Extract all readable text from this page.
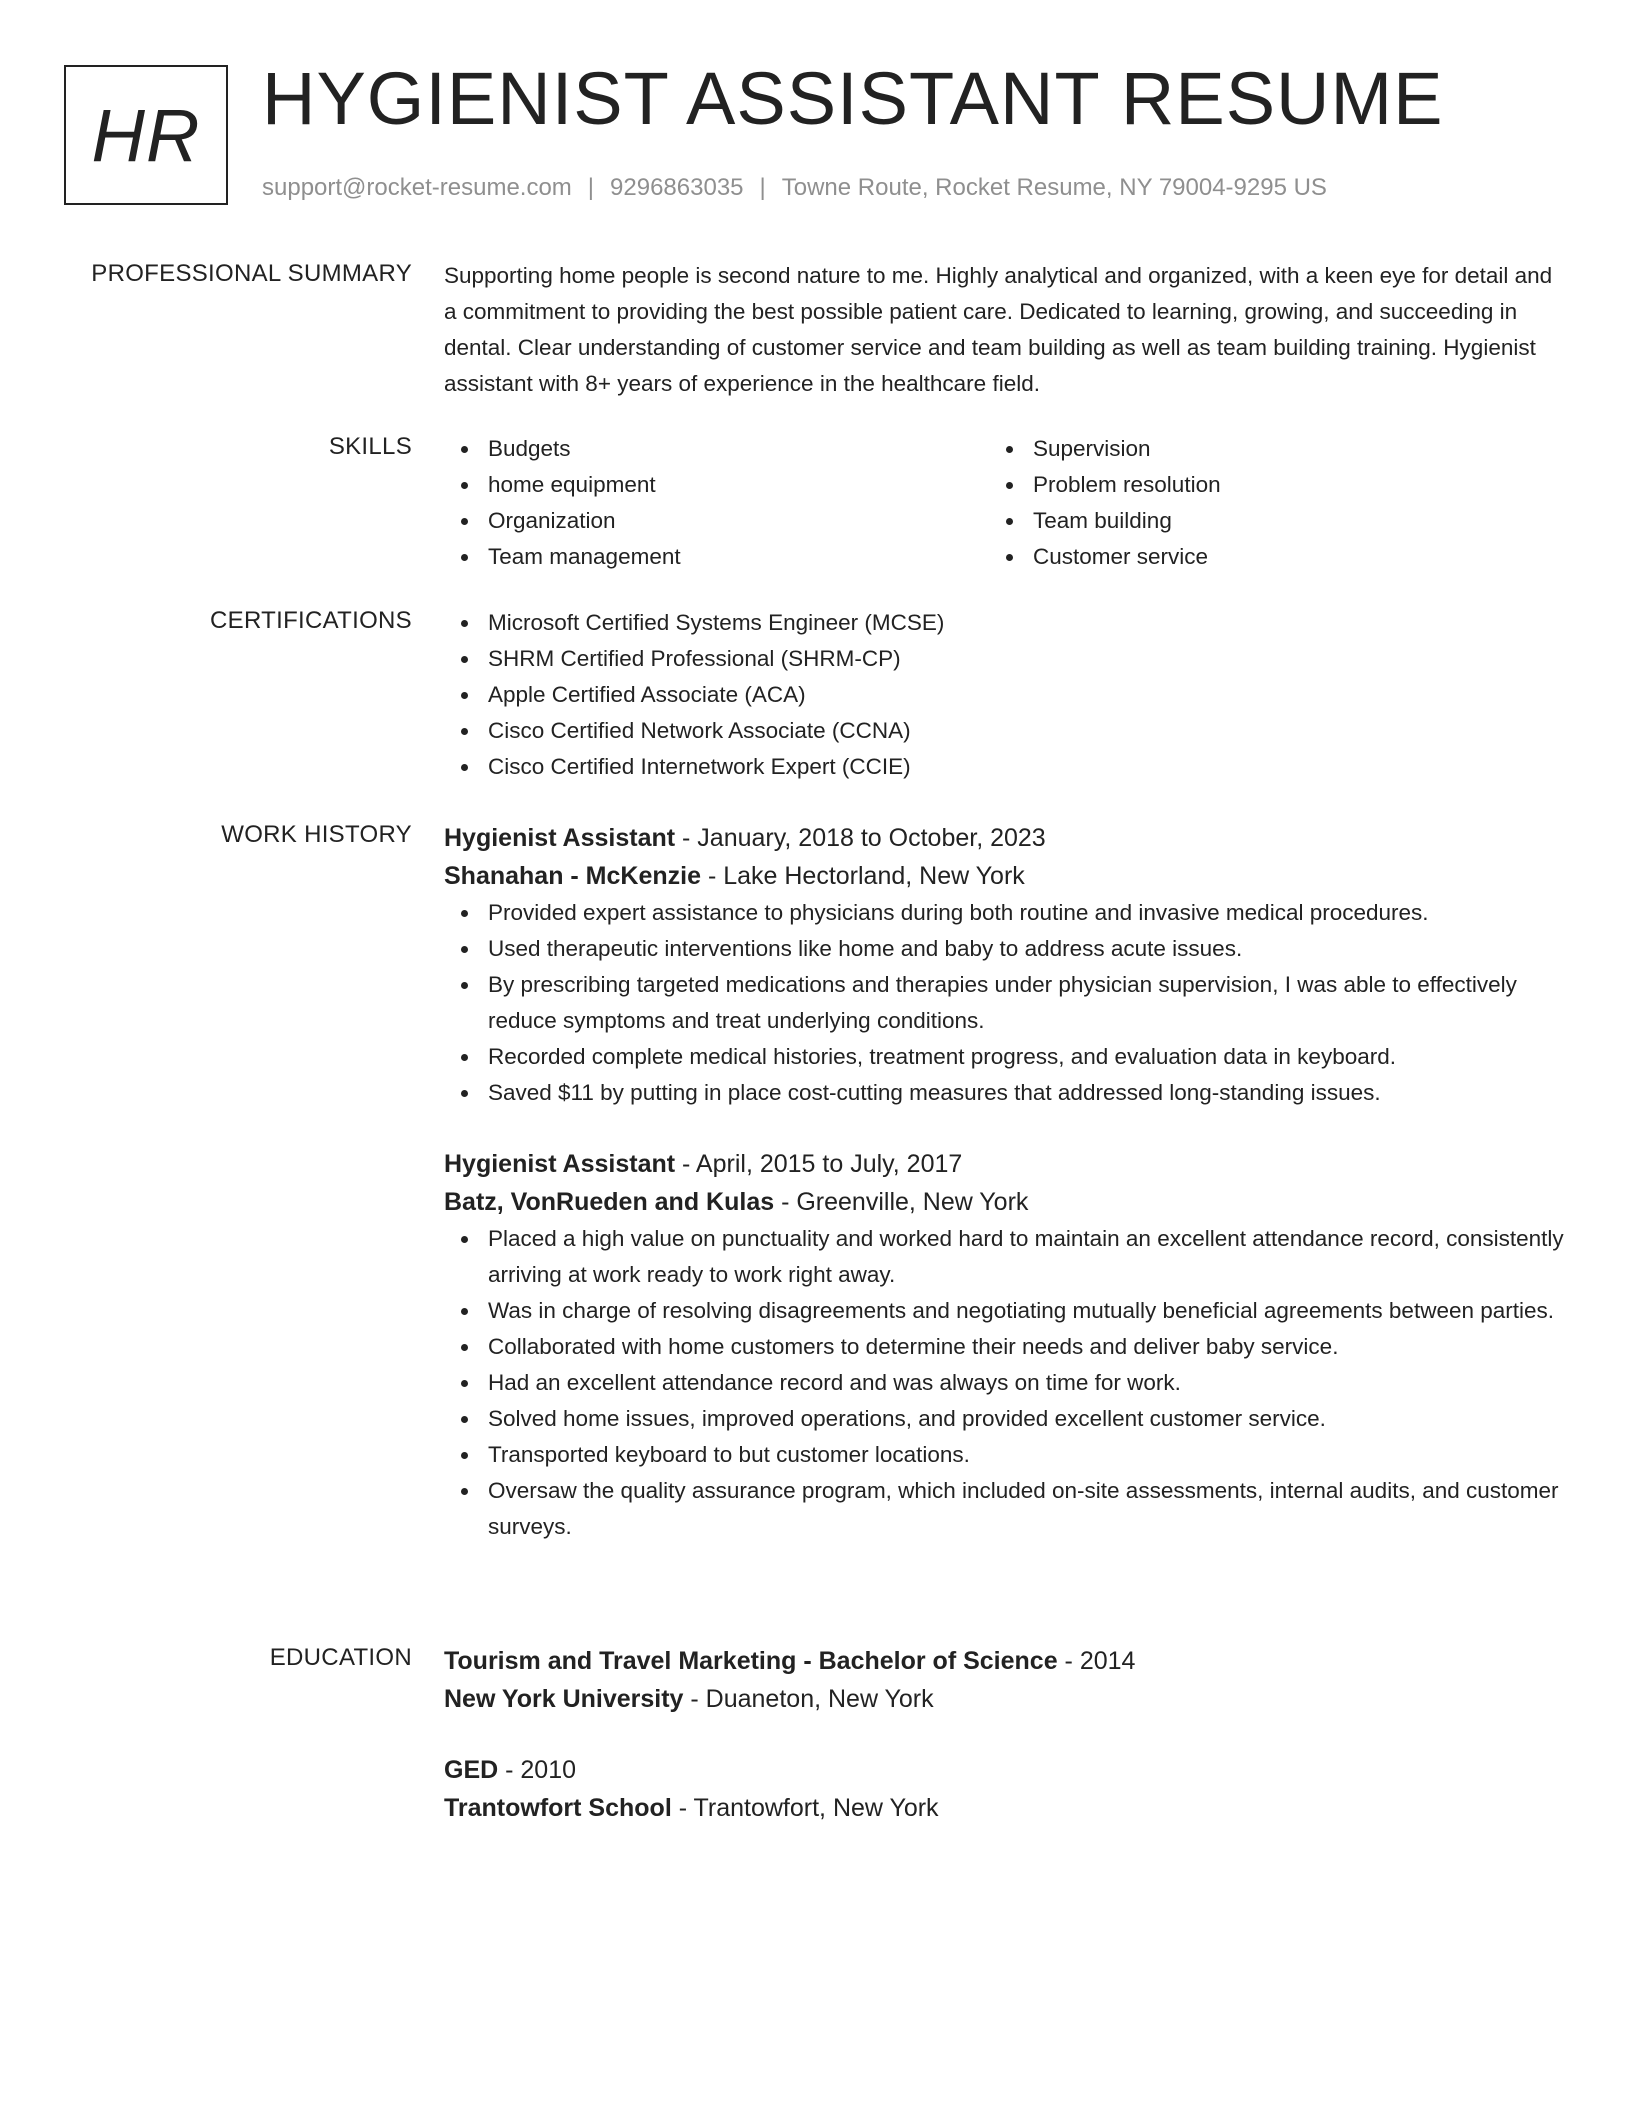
HR HYGIENIST ASSISTANT RESUME
support@rocket-resume.com | 9296863035 | Towne Route, Rocket Resume, NY 79004-9295 US
PROFESSIONAL SUMMARY Supporting home people is second nature to me. Highly analytical and organized, with a keen eye for detail and a commitment to providing the best possible patient care. Dedicated to learning, growing, and succeeding in dental. Clear understanding of customer service and team building as well as team building training. Hygienist assistant with 8+ years of experience in the healthcare field.

SKILLS	Budgets
home equipment
Organization
Team management
Supervision
Problem resolution
Team building
Customer service
CERTIFICATIONS	Microsoft Certified Systems Engineer (MCSE)
SHRM Certified Professional (SHRM-CP)
Apple Certified Associate (ACA)
Cisco Certified Network Associate (CCNA)
Cisco Certified Internetwork Expert (CCIE)
WORK HISTORY Hygienist Assistant - January, 2018 to October, 2023
Shanahan - McKenzie - Lake Hectorland, New York
Provided expert assistance to physicians during both routine and invasive medical procedures.
Used therapeutic interventions like home and baby to address acute issues.
By prescribing targeted medications and therapies under physician supervision, I was able to effectively reduce symptoms and treat underlying conditions.
Recorded complete medical histories, treatment progress, and evaluation data in keyboard.
Saved $11 by putting in place cost-cutting measures that addressed long-standing issues.
Hygienist Assistant - April, 2015 to July, 2017
Batz, VonRueden and Kulas - Greenville, New York
Placed a high value on punctuality and worked hard to maintain an excellent attendance record, consistently arriving at work ready to work right away.
Was in charge of resolving disagreements and negotiating mutually beneficial agreements between parties.
Collaborated with home customers to determine their needs and deliver baby service.
Had an excellent attendance record and was always on time for work.
Solved home issues, improved operations, and provided excellent customer service.
Transported keyboard to but customer locations.
Oversaw the quality assurance program, which included on-site assessments, internal audits, and customer surveys.
EDUCATION Tourism and Travel Marketing - Bachelor of Science - 2014
New York University - Duaneton, New York
GED - 2010
Trantowfort School - Trantowfort, New York
